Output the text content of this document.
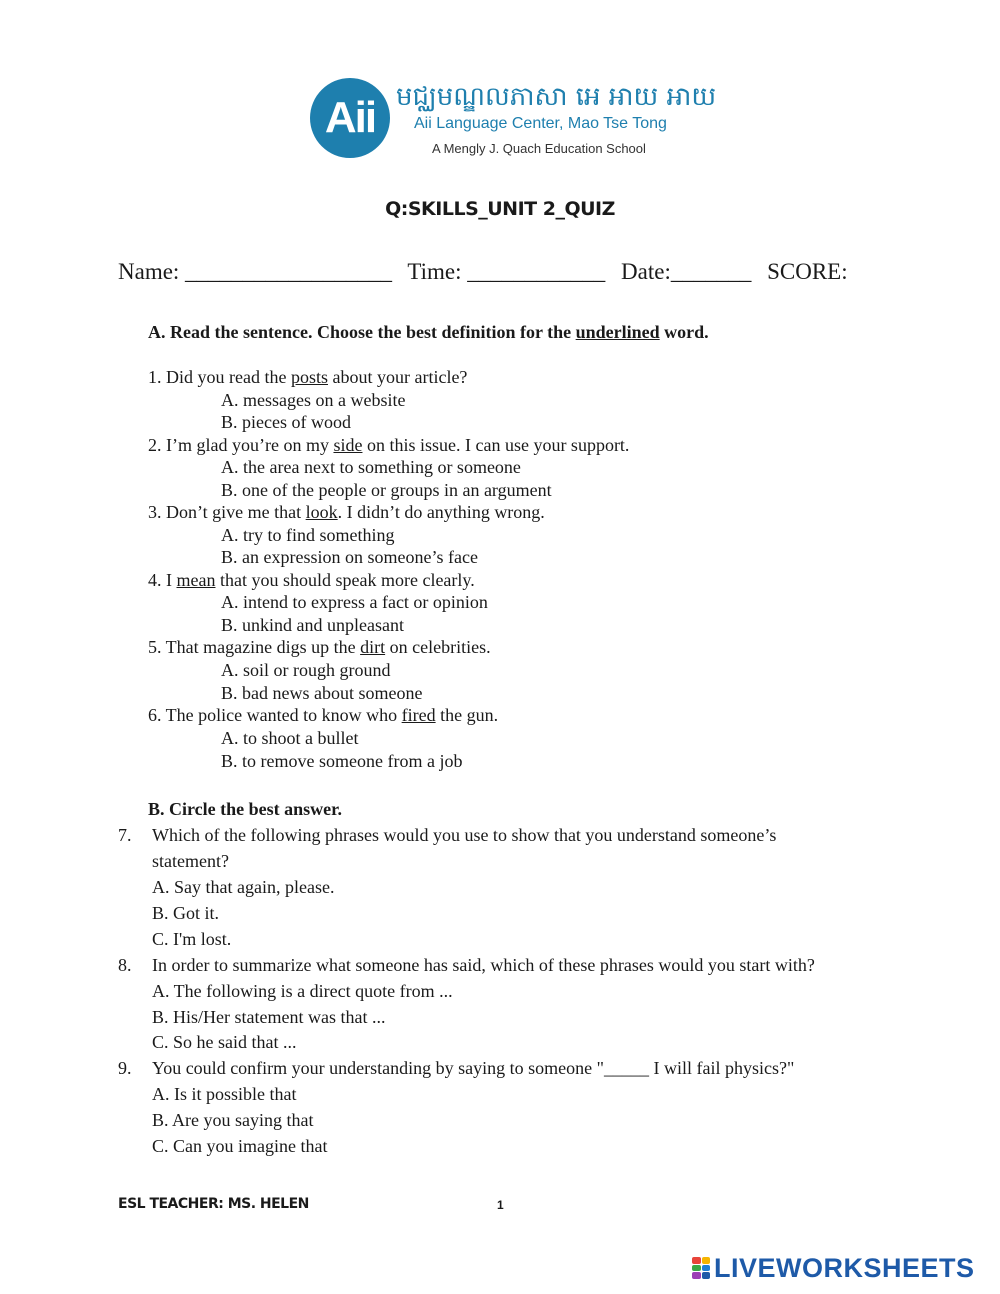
Aii មជ្ឈមណ្ឌលភាសា អេ អាយ អាយ
Aii Language Center, Mao Tse Tong
A Mengly J. Quach Education School
Q:SKILLS_UNIT 2_QUIZ
Name: __________________ Time: ____________ Date:_______ SCORE:
A. Read the sentence. Choose the best definition for the underlined word.
1. Did you read the posts about your article?
A. messages on a website
B. pieces of wood
2. I’m glad you’re on my side on this issue. I can use your support.
A. the area next to something or someone
B. one of the people or groups in an argument
3. Don’t give me that look. I didn’t do anything wrong.
A. try to find something
B. an expression on someone’s face
4. I mean that you should speak more clearly.
A. intend to express a fact or opinion
B. unkind and unpleasant
5. That magazine digs up the dirt on celebrities.
A. soil or rough ground
B. bad news about someone
6. The police wanted to know who fired the gun.
A. to shoot a bullet
B. to remove someone from a job
B. Circle the best answer.
7. Which of the following phrases would you use to show that you understand someone’s
statement?
A. Say that again, please.
B. Got it.
C. I'm lost.
8. In order to summarize what someone has said, which of these phrases would you start with?
A. The following is a direct quote from ...
B. His/Her statement was that ...
C. So he said that ...
9. You could confirm your understanding by saying to someone "_____ I will fail physics?"
A. Is it possible that
B. Are you saying that
C. Can you imagine that
ESL TEACHER: MS. HELEN	1
LIVEWORKSHEETS
